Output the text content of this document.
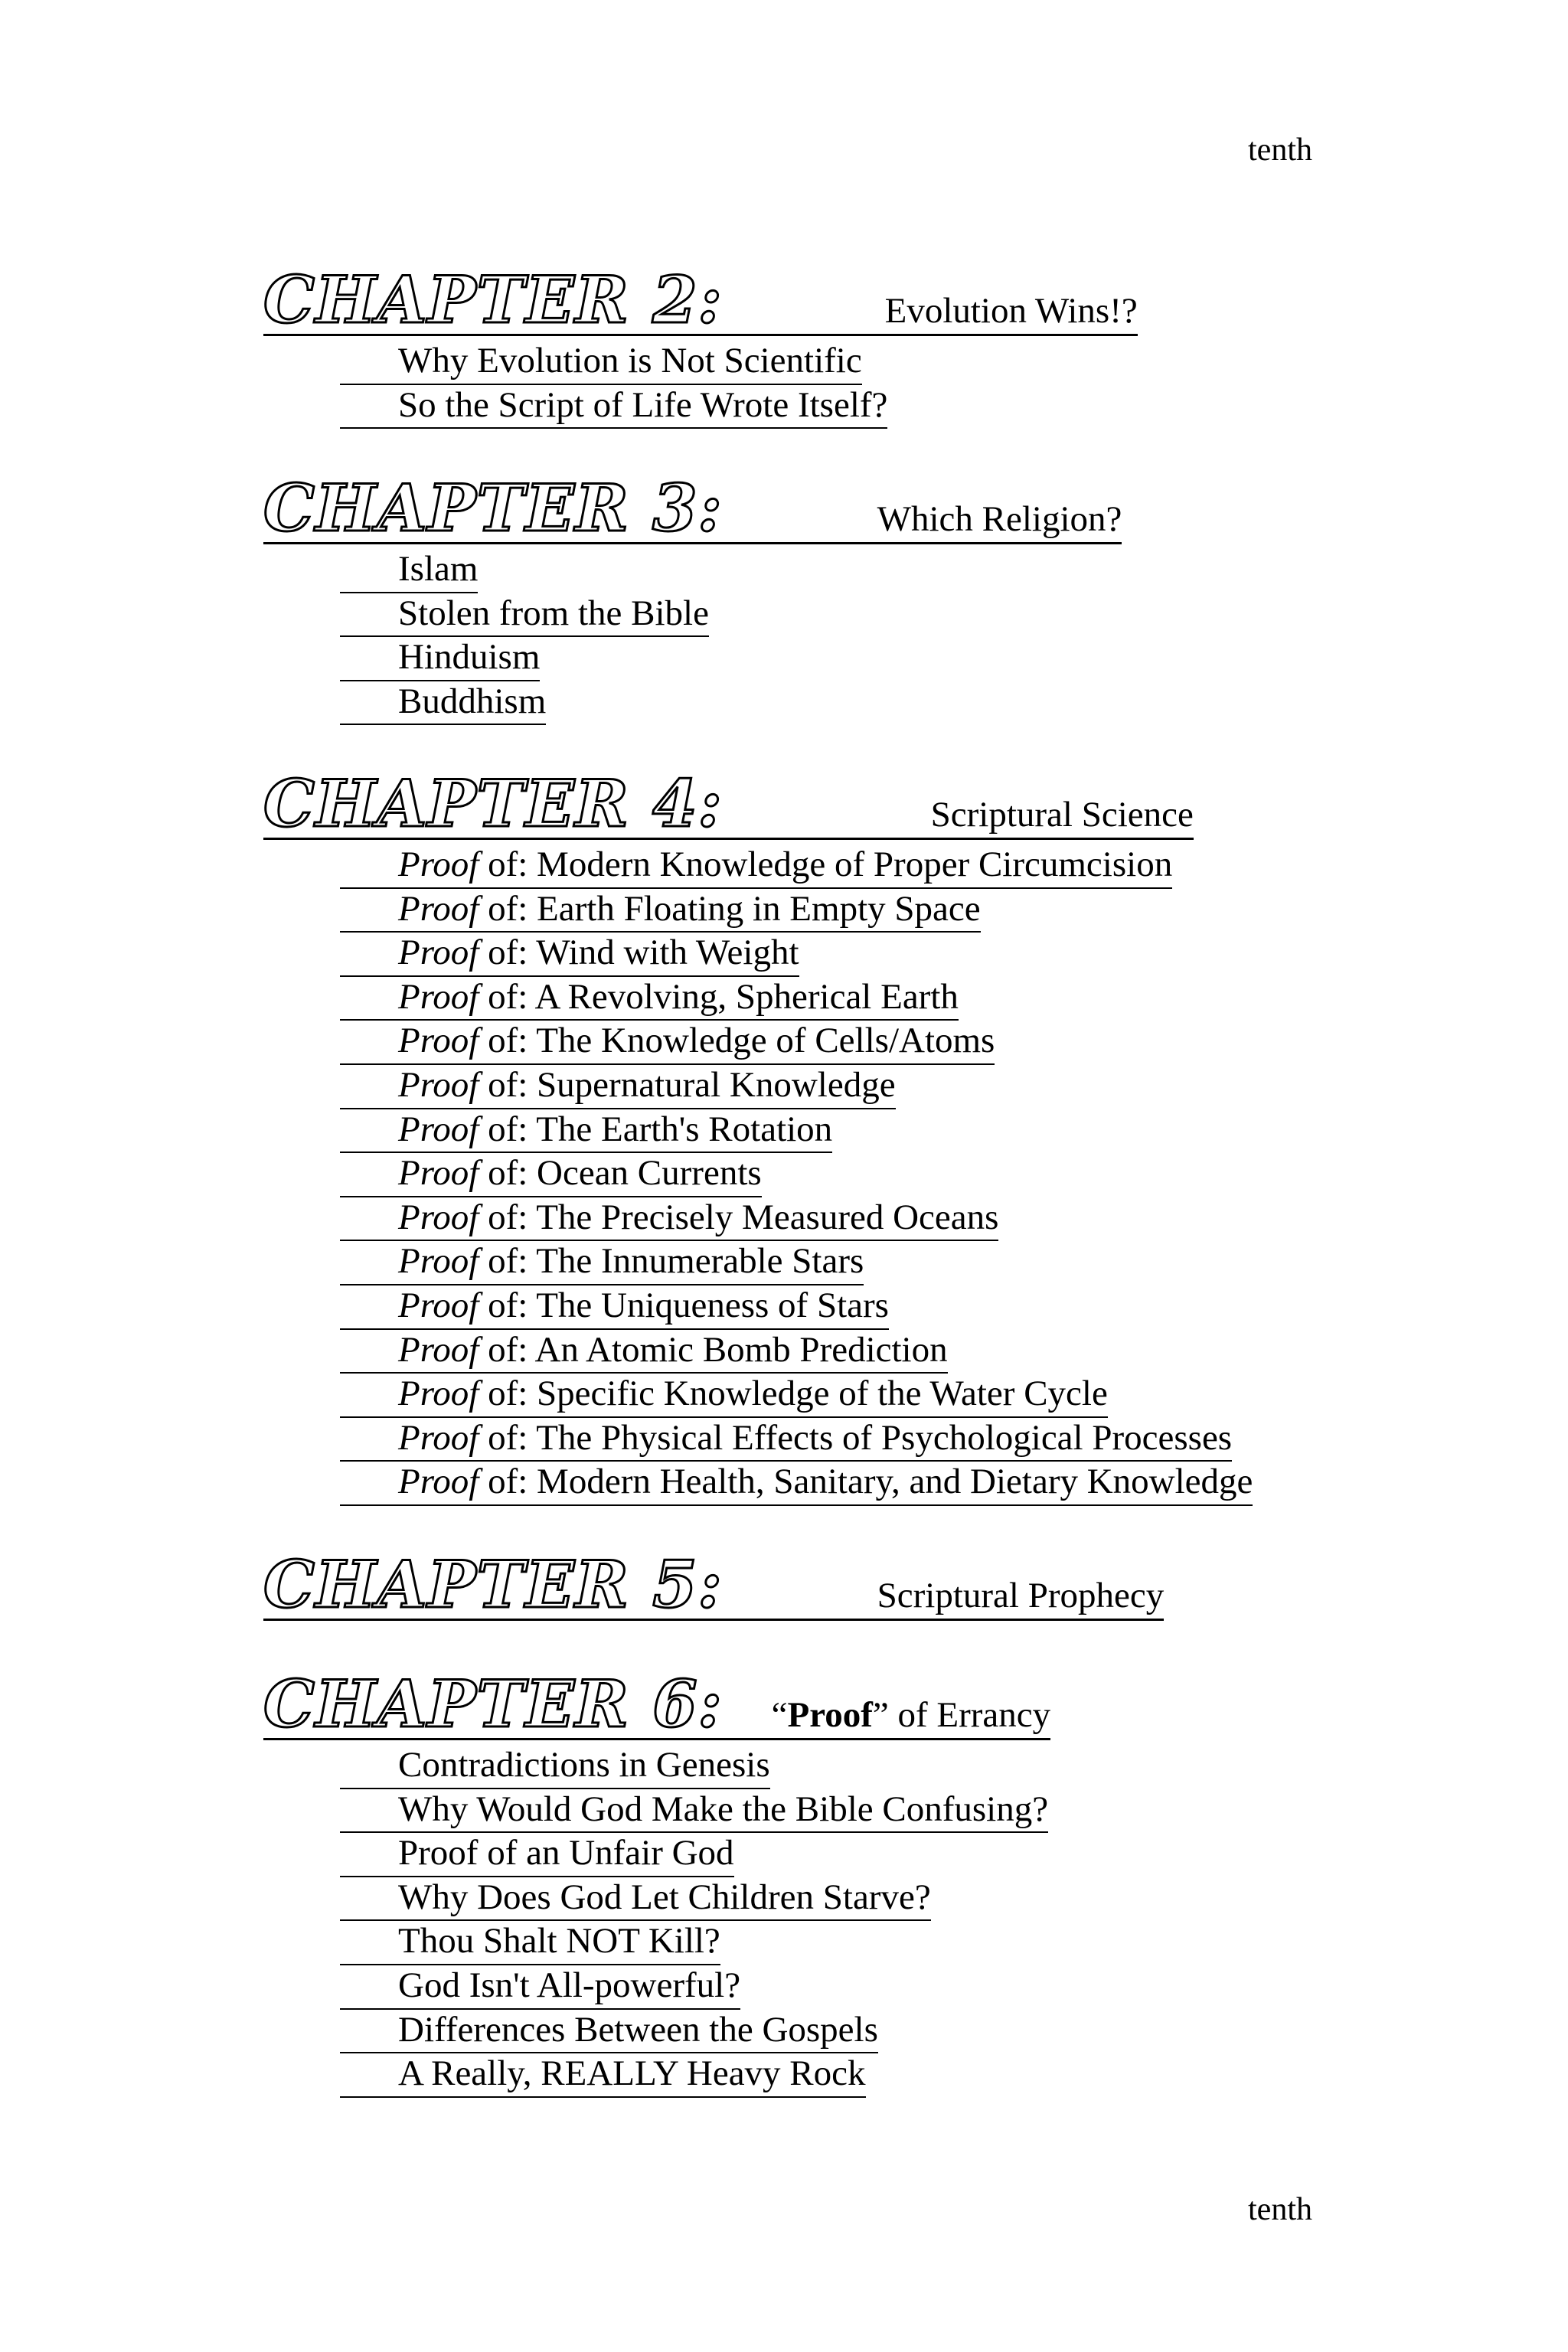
tenth
CHAPTER 2:	Evolution Wins!?
Why Evolution is Not Scientific
So the Script of Life Wrote Itself?
CHAPTER 3:	Which Religion?
Islam
Stolen from the Bible
Hinduism
Buddhism
CHAPTER 4:	Scriptural Science
Proof of: Modern Knowledge of Proper Circumcision
Proof of: Earth Floating in Empty Space
Proof of: Wind with Weight
Proof of: A Revolving, Spherical Earth
Proof of: The Knowledge of Cells/Atoms
Proof of: Supernatural Knowledge
Proof of: The Earth's Rotation
Proof of: Ocean Currents
Proof of: The Precisely Measured Oceans
Proof of: The Innumerable Stars
Proof of: The Uniqueness of Stars
Proof of: An Atomic Bomb Prediction
Proof of: Specific Knowledge of the Water Cycle
Proof of: The Physical Effects of Psychological Processes
Proof of: Modern Health, Sanitary, and Dietary Knowledge
CHAPTER 5:	Scriptural Prophecy
CHAPTER 6: “Proof” of Errancy
Contradictions in Genesis
Why Would God Make the Bible Confusing?
Proof of an Unfair God
Why Does God Let Children Starve?
Thou Shalt NOT Kill?
God Isn't All-powerful?
Differences Between the Gospels
A Really, REALLY Heavy Rock
tenth
